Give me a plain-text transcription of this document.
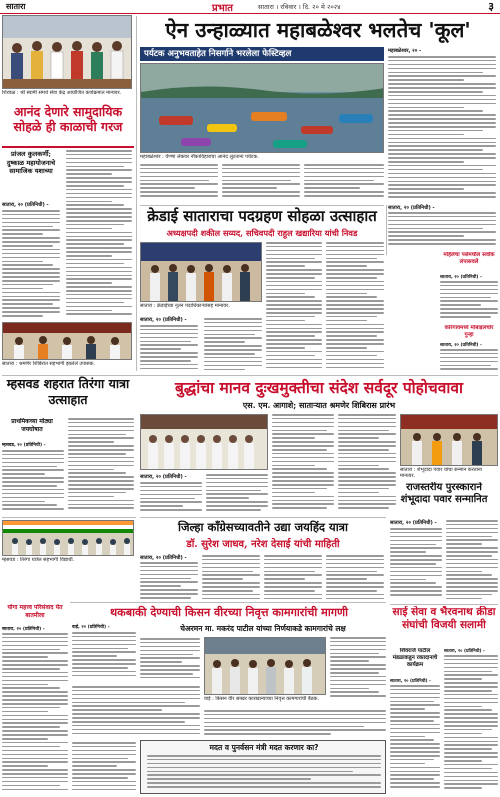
सातारा	प्रभात	सातारा । रविवार । दि. २० मे २०२४	३
शिरवळ : श्री स्वामी समर्थ सेवा केंद्र आयोजित कार्यक्रमात मान्यवर.
आनंद देणारे सामुदायिक सोहळे ही काळाची गरज
प्रांजल कुलकर्णी; दुष्काळ महायोजनाचे सामाजिक यशाच्या
सातारा, २० (प्रतिनिधी) -
सातारा : श्रमणेर शिबिरात सहभागी झालेले उपासक.
ऐन उन्हाळ्यात महाबळेश्वर भलतेच 'कूल'
पर्यटक अनुभवताहेत निसर्गाने भरलेला फेस्टिव्हल
महाबळेश्वर : वेण्णा लेकवर नौकाविहाराचा आनंद लुटताना पर्यटक.
महाबळेश्वर, २० -
क्रेडाई साताराचा पदग्रहण सोहळा उत्साहात
अध्यक्षपदी शकील सय्यद, सचिवपदी राहुल खद्यारिया यांची निवड
सातारा : क्रेडाईच्या नूतन पदाधिकाऱ्यांसह मान्यवर.
सातारा, २० (प्रतिनिधी) -
सातारा, २० (प्रतिनिधी) -
महिलेचा पर्समधील सर्वांक लंपासवले
सातारा, २० (प्रतिनिधी) -
कोरेगावमध्ये मोबाइलचोर गुन्हा
सातारा, २० (प्रतिनिधी) -
बुद्धांचा मानव दुःखमुक्तीचा संदेश सर्वदूर पोहोचवावा
एस. एम. आगाशे; साताऱ्यात श्रमणेर शिबिरास प्रारंभ
सातारा, २० (प्रतिनिधी) -
म्हसवड शहरात तिरंगा यात्रा उत्साहात
प्राथमिकच्या मोठ्या जयघोषात
म्हसवड, २० (प्रतिनिधी) -
सातारा : शंभूदादा पवार यांचा सन्मान करताना मान्यवर.
राजस्तरीय पुरस्काराने शंभूदादा पवार सन्मानित
सातारा, २० (प्रतिनिधी) -
जिल्हा काँग्रेसच्यावतीने उद्या जयहिंद यात्रा
डॉ. सुरेश जाधव, नरेश देसाई यांची माहिती
सातारा, २० (प्रतिनिधी) -
म्हसवड : तिरंगा यात्रेत सहभागी विद्यार्थी.
योगा महत्त्व परिसंवाद येत बातमीला
सातारा, २० (प्रतिनिधी) -
थकबाकी देण्याची किसन वीरच्या निवृत्त कामगारांची मागणी
चेअरमन मा. मकरंद पाटील यांच्या निर्णयाकडे कामगारांचे लक्ष
वाई, २० (प्रतिनिधी) -
वाई : किसन वीर साखर कारखान्याच्या निवृत्त कामगारांची बैठक.
मदत व पुनर्वसन मंत्री मदत करणार का?
साई सेवा व भैरवनाथ क्रीडा संघांची विजयी सलामी
शिवराजे पाटील मंडळाकडून रक्तदानाचे कार्यक्रम
सातारा, २० (प्रतिनिधी) -
सातारा, २० (प्रतिनिधी) -
